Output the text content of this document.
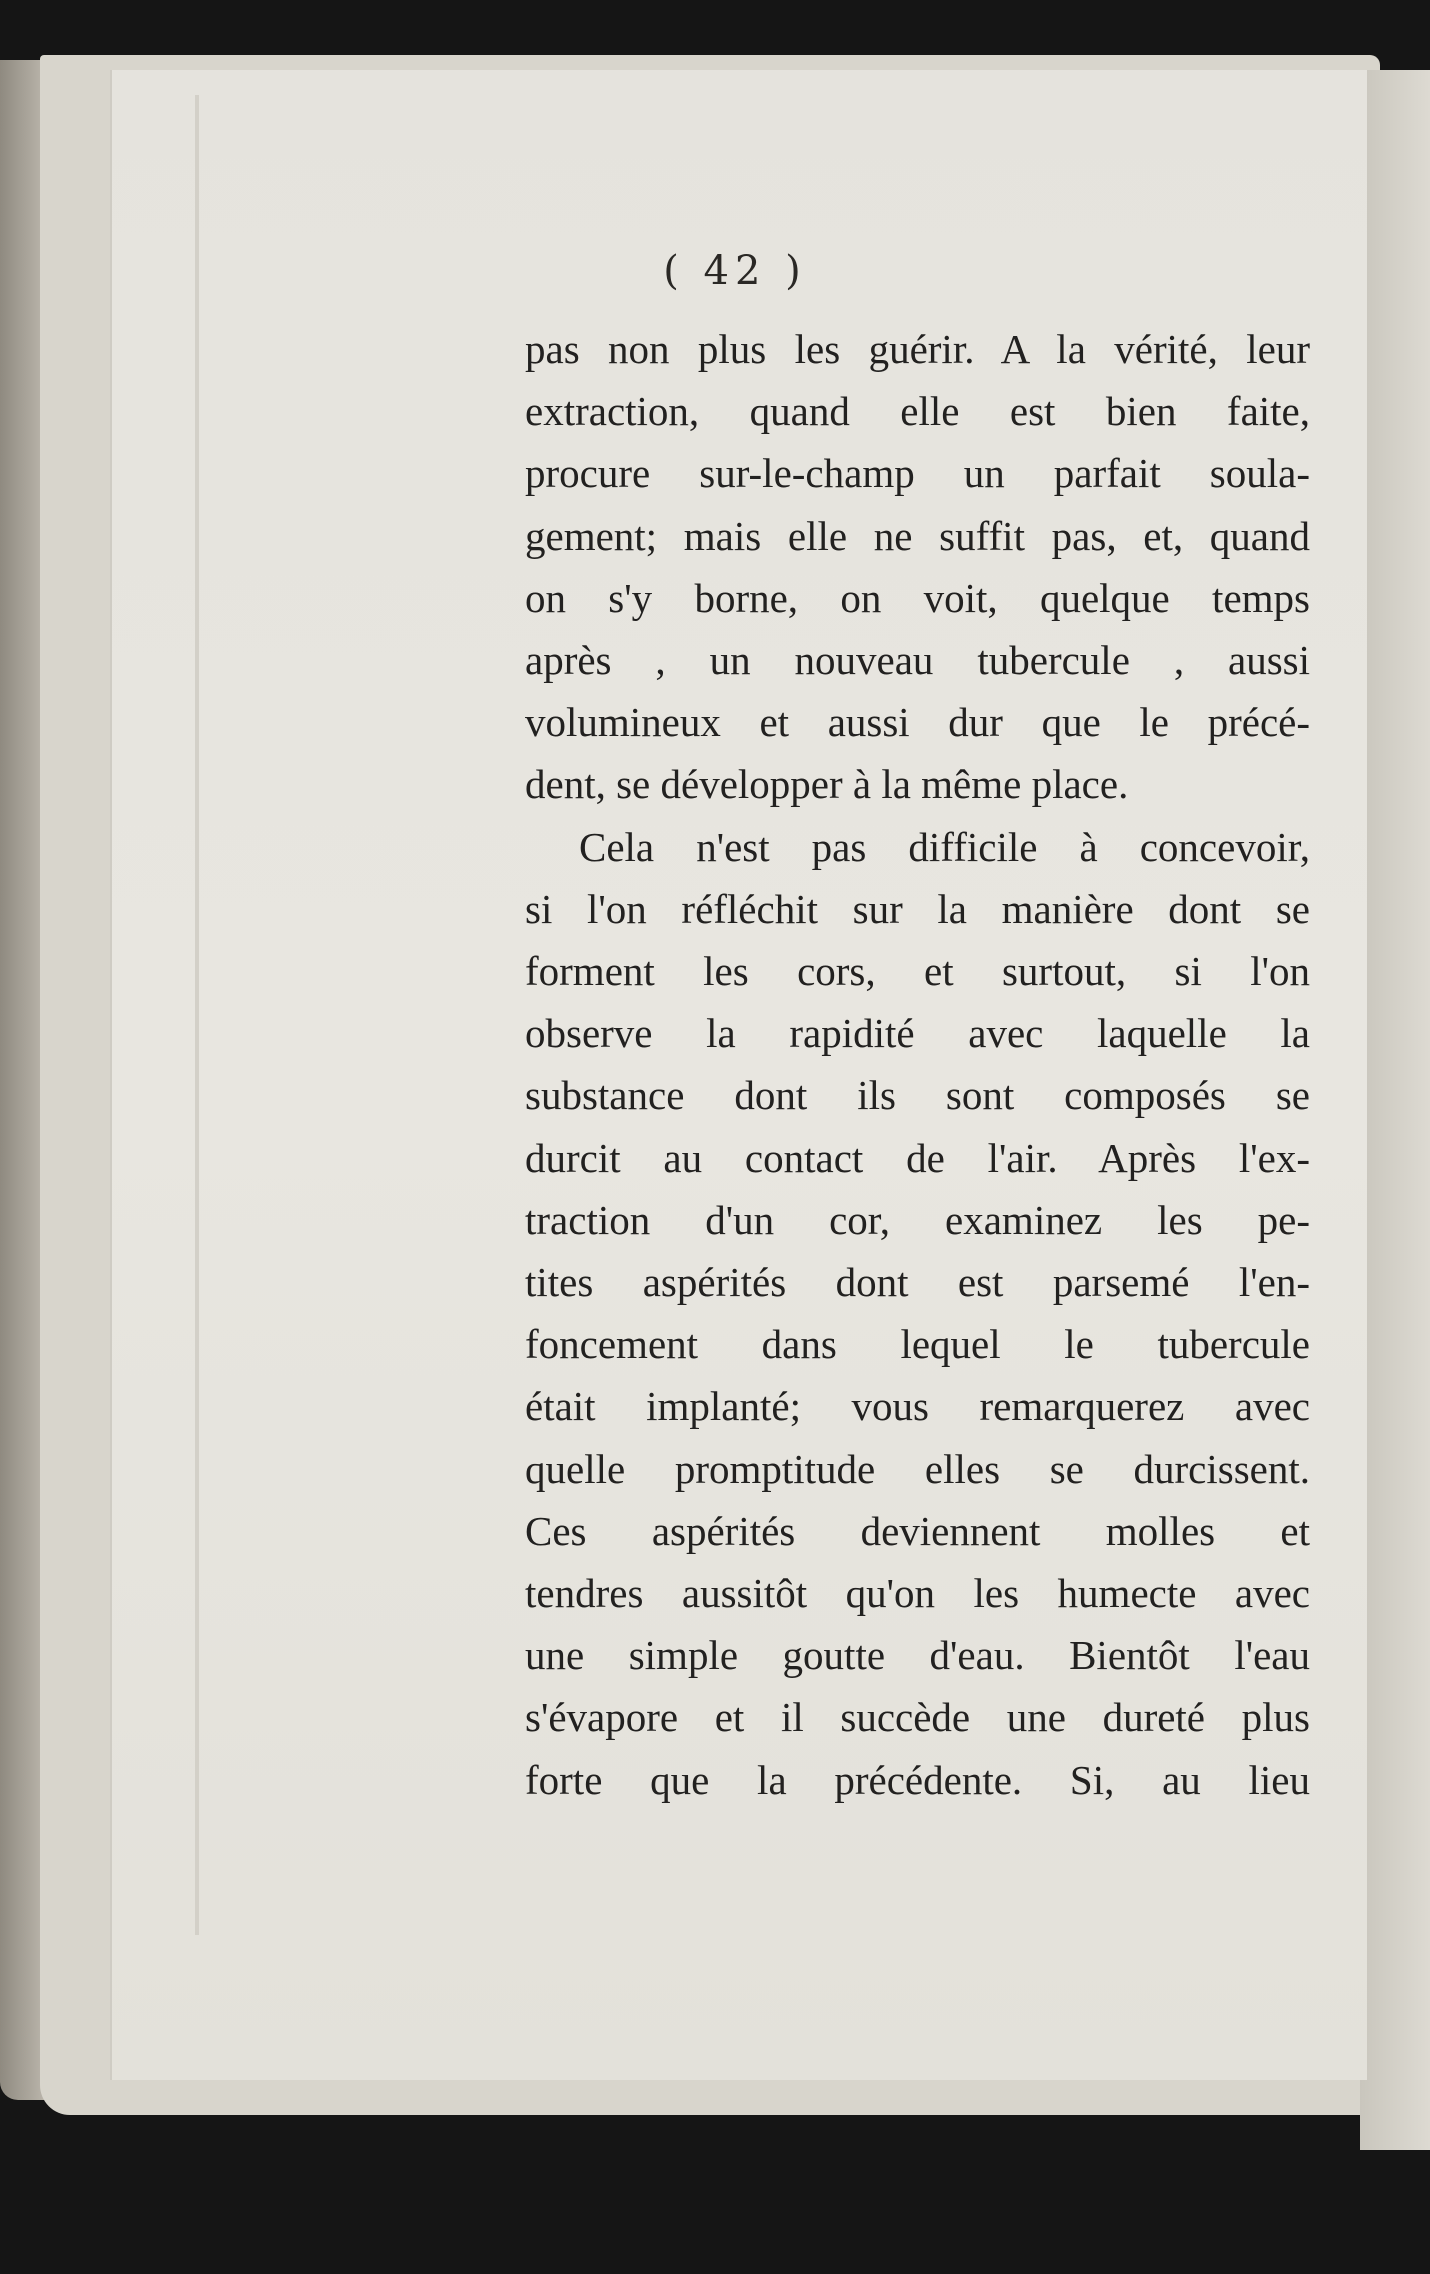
( 42 )
pas non plus les guérir. A la vérité, leur
extraction, quand elle est bien faite,
procure sur-le-champ un parfait soula-
gement; mais elle ne suffit pas, et, quand
on s'y borne, on voit, quelque temps
après , un nouveau tubercule , aussi
volumineux et aussi dur que le précé-
dent, se développer à la même place.
Cela n'est pas difficile à concevoir,
si l'on réfléchit sur la manière dont se
forment les cors, et surtout, si l'on
observe la rapidité avec laquelle la
substance dont ils sont composés se
durcit au contact de l'air. Après l'ex-
traction d'un cor, examinez les pe-
tites aspérités dont est parsemé l'en-
foncement dans lequel le tubercule
était implanté; vous remarquerez avec
quelle promptitude elles se durcissent.
Ces aspérités deviennent molles et
tendres aussitôt qu'on les humecte avec
une simple goutte d'eau. Bientôt l'eau
s'évapore et il succède une dureté plus
forte que la précédente. Si, au lieu
